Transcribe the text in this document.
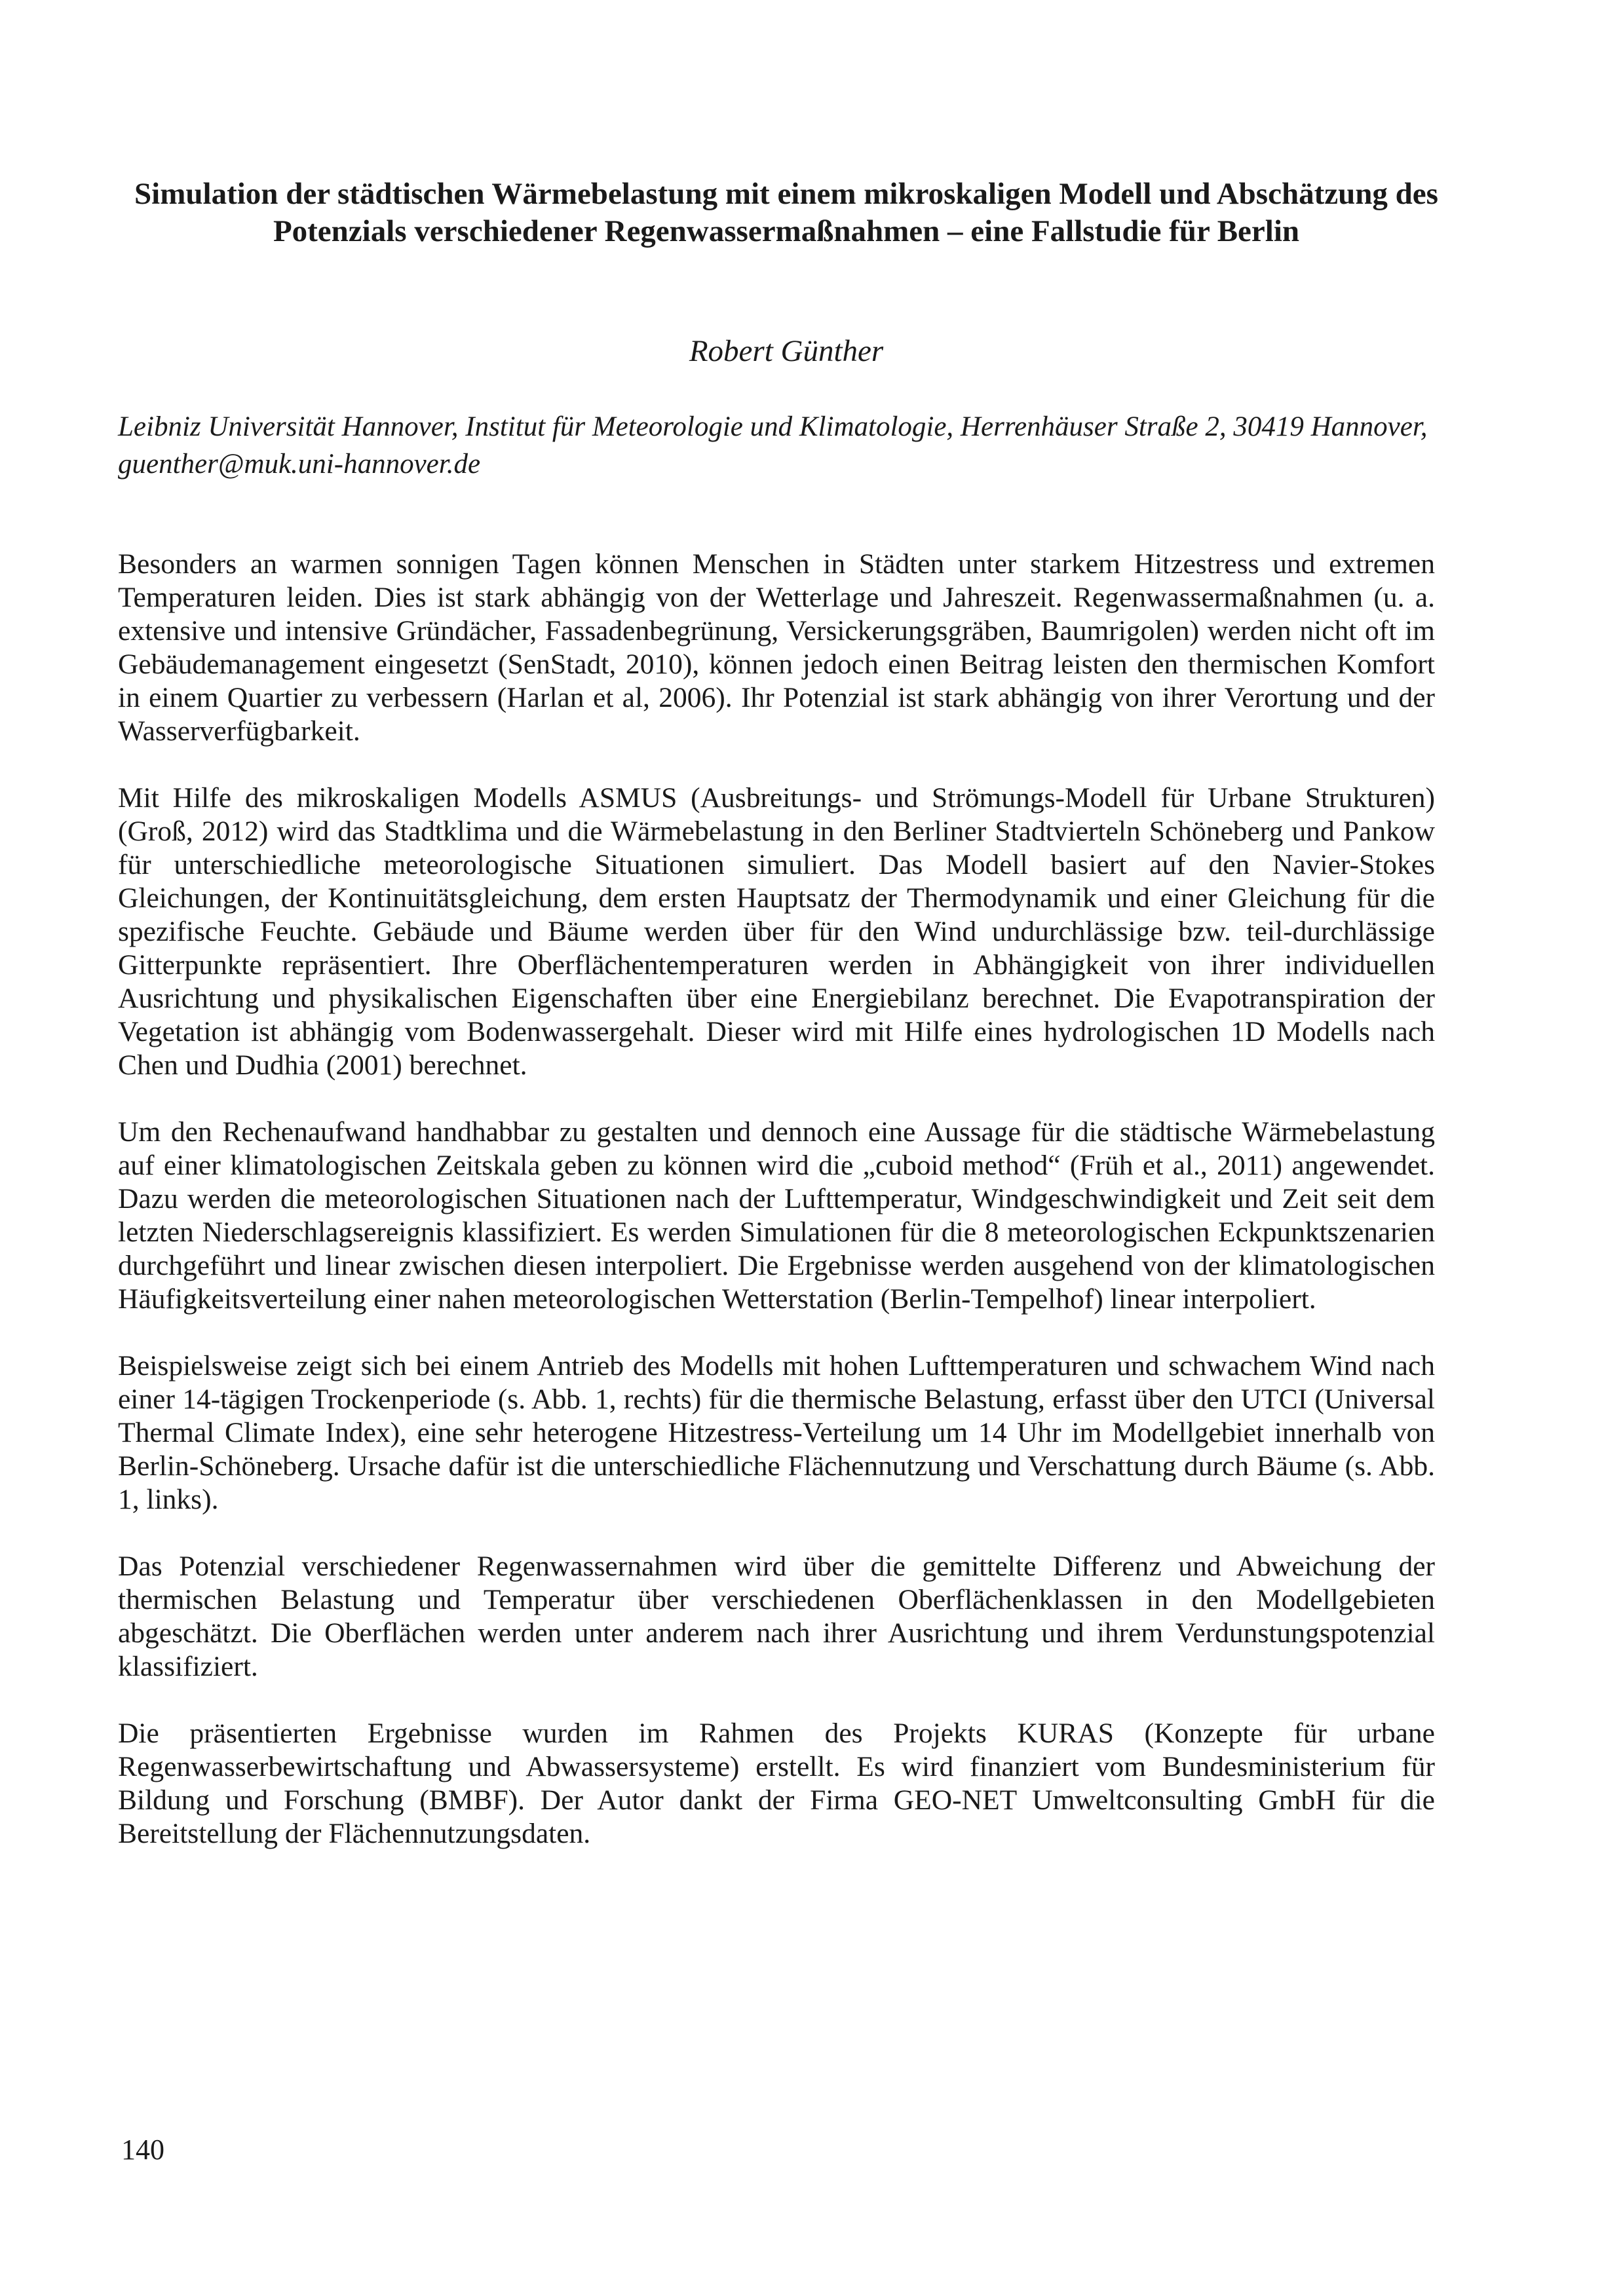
Simulation der städtischen Wärmebelastung mit einem mikroskaligen Modell und Abschätzung des Potenzials verschiedener Regenwassermaßnahmen – eine Fallstudie für Berlin
Robert Günther
Leibniz Universität Hannover, Institut für Meteorologie und Klimatologie, Herrenhäuser Straße 2, 30419 Hannover, guenther@muk.uni-hannover.de

Besonders an warmen sonnigen Tagen können Menschen in Städten unter starkem Hitzestress und extremen Temperaturen leiden. Dies ist stark abhängig von der Wetterlage und Jahreszeit. Regenwassermaßnahmen (u. a. extensive und intensive Gründächer, Fassadenbegrünung, Versickerungsgräben, Baumrigolen) werden nicht oft im Gebäudemanagement eingesetzt (SenStadt, 2010), können jedoch einen Beitrag leisten den thermischen Komfort in einem Quartier zu verbessern (Harlan et al, 2006). Ihr Potenzial ist stark abhängig von ihrer Verortung und der Wasserverfügbarkeit.

Mit Hilfe des mikroskaligen Modells ASMUS (Ausbreitungs- und Strömungs-Modell für Urbane Strukturen) (Groß, 2012) wird das Stadtklima und die Wärmebelastung in den Berliner Stadtvierteln Schöneberg und Pankow für unterschiedliche meteorologische Situationen simuliert. Das Modell basiert auf den Navier-Stokes Gleichungen, der Kontinuitätsgleichung, dem ersten Hauptsatz der Thermodynamik und einer Gleichung für die spezifische Feuchte. Gebäude und Bäume werden über für den Wind undurchlässige bzw. teil-durchlässige Gitterpunkte repräsentiert. Ihre Oberflächentemperaturen werden in Abhängigkeit von ihrer individuellen Ausrichtung und physikalischen Eigenschaften über eine Energiebilanz berechnet. Die Evapotranspiration der Vegetation ist abhängig vom Bodenwassergehalt. Dieser wird mit Hilfe eines hydrologischen 1D Modells nach Chen und Dudhia (2001) berechnet.

Um den Rechenaufwand handhabbar zu gestalten und dennoch eine Aussage für die städtische Wärmebelastung auf einer klimatologischen Zeitskala geben zu können wird die „cuboid method“ (Früh et al., 2011) angewendet. Dazu werden die meteorologischen Situationen nach der Lufttemperatur, Windgeschwindigkeit und Zeit seit dem letzten Niederschlagsereignis klassifiziert. Es werden Simulationen für die 8 meteorologischen Eckpunktszenarien durchgeführt und linear zwischen diesen interpoliert. Die Ergebnisse werden ausgehend von der klimatologischen Häufigkeitsverteilung einer nahen meteorologischen Wetterstation (Berlin-Tempelhof) linear interpoliert.

Beispielsweise zeigt sich bei einem Antrieb des Modells mit hohen Lufttemperaturen und schwachem Wind nach einer 14-tägigen Trockenperiode (s. Abb. 1, rechts) für die thermische Belastung, erfasst über den UTCI (Universal Thermal Climate Index), eine sehr heterogene Hitzestress-Verteilung um 14 Uhr im Modellgebiet innerhalb von Berlin-Schöneberg. Ursache dafür ist die unterschiedliche Flächennutzung und Verschattung durch Bäume (s. Abb. 1, links).

Das Potenzial verschiedener Regenwassernahmen wird über die gemittelte Differenz und Abweichung der thermischen Belastung und Temperatur über verschiedenen Oberflächenklassen in den Modellgebieten abgeschätzt. Die Oberflächen werden unter anderem nach ihrer Ausrichtung und ihrem Verdunstungspotenzial klassifiziert.

Die präsentierten Ergebnisse wurden im Rahmen des Projekts KURAS (Konzepte für urbane Regenwasserbewirtschaftung und Abwassersysteme) erstellt. Es wird finanziert vom Bundesministerium für Bildung und Forschung (BMBF). Der Autor dankt der Firma GEO-NET Umweltconsulting GmbH für die Bereitstellung der Flächennutzungsdaten.

140
